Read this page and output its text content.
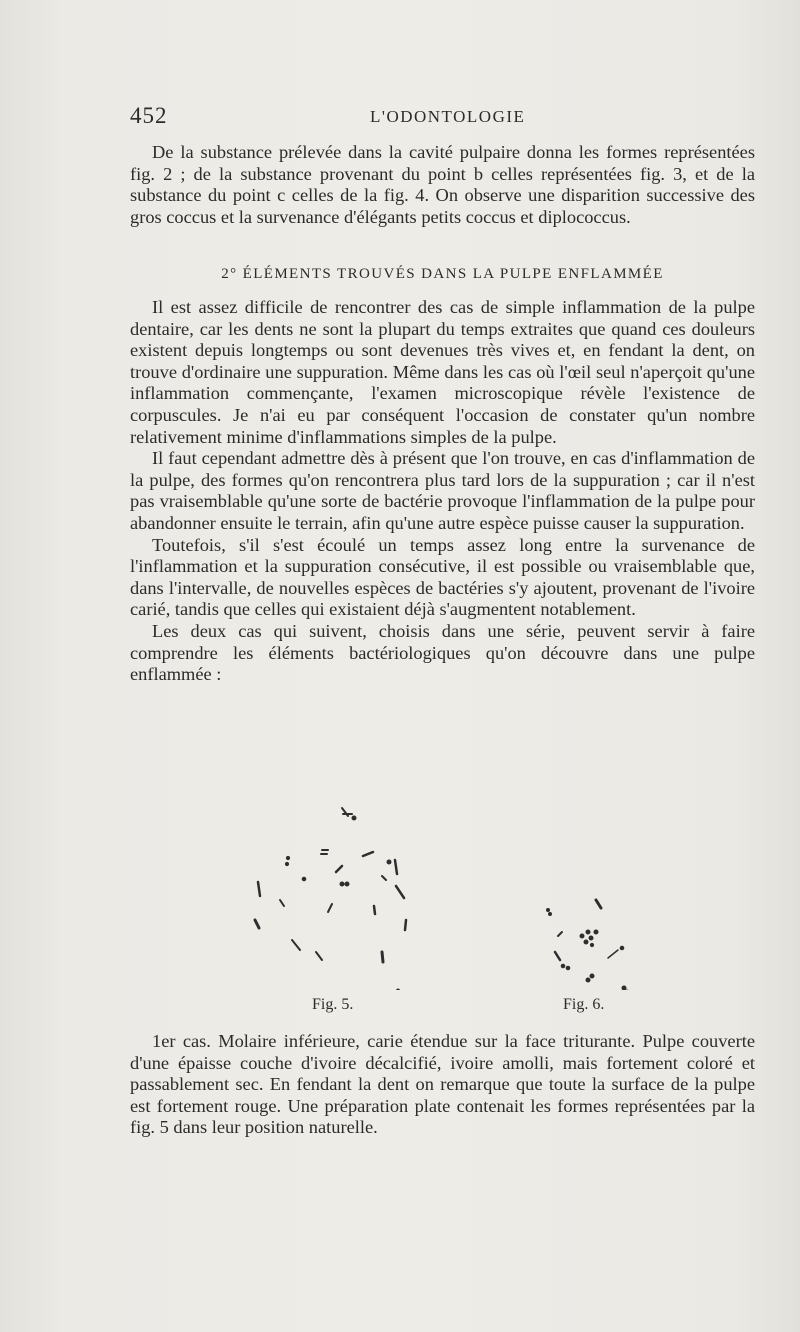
452	L'ODONTOLOGIE

De la substance prélevée dans la cavité pulpaire donna les formes représentées fig. 2 ; de la substance provenant du point b celles représentées fig. 3, et de la substance du point c celles de la fig. 4. On observe une disparition successive des gros coccus et la survenance d'élégants petits coccus et diplococcus.

2° ÉLÉMENTS TROUVÉS DANS LA PULPE ENFLAMMÉE

Il est assez difficile de rencontrer des cas de simple inflammation de la pulpe dentaire, car les dents ne sont la plupart du temps extraites que quand ces douleurs existent depuis longtemps ou sont devenues très vives et, en fendant la dent, on trouve d'ordinaire une suppuration. Même dans les cas où l'œil seul n'aperçoit qu'une inflammation commençante, l'examen microscopique révèle l'existence de corpuscules. Je n'ai eu par conséquent l'occasion de constater qu'un nombre relativement minime d'inflammations simples de la pulpe.

Il faut cependant admettre dès à présent que l'on trouve, en cas d'inflammation de la pulpe, des formes qu'on rencontrera plus tard lors de la suppuration ; car il n'est pas vraisemblable qu'une sorte de bactérie provoque l'inflammation de la pulpe pour abandonner ensuite le terrain, afin qu'une autre espèce puisse causer la suppuration.

Toutefois, s'il s'est écoulé un temps assez long entre la survenance de l'inflammation et la suppuration consécutive, il est possible ou vraisemblable que, dans l'intervalle, de nouvelles espèces de bactéries s'y ajoutent, provenant de l'ivoire carié, tandis que celles qui existaient déjà s'augmentent notablement.

Les deux cas qui suivent, choisis dans une série, peuvent servir à faire comprendre les éléments bactériologiques qu'on découvre dans une pulpe enflammée :

Fig. 5.	Fig. 6.

1er cas. Molaire inférieure, carie étendue sur la face triturante. Pulpe couverte d'une épaisse couche d'ivoire décalcifié, ivoire amolli, mais fortement coloré et passablement sec. En fendant la dent on remarque que toute la surface de la pulpe est fortement rouge. Une préparation plate contenait les formes représentées par la fig. 5 dans leur position naturelle.
